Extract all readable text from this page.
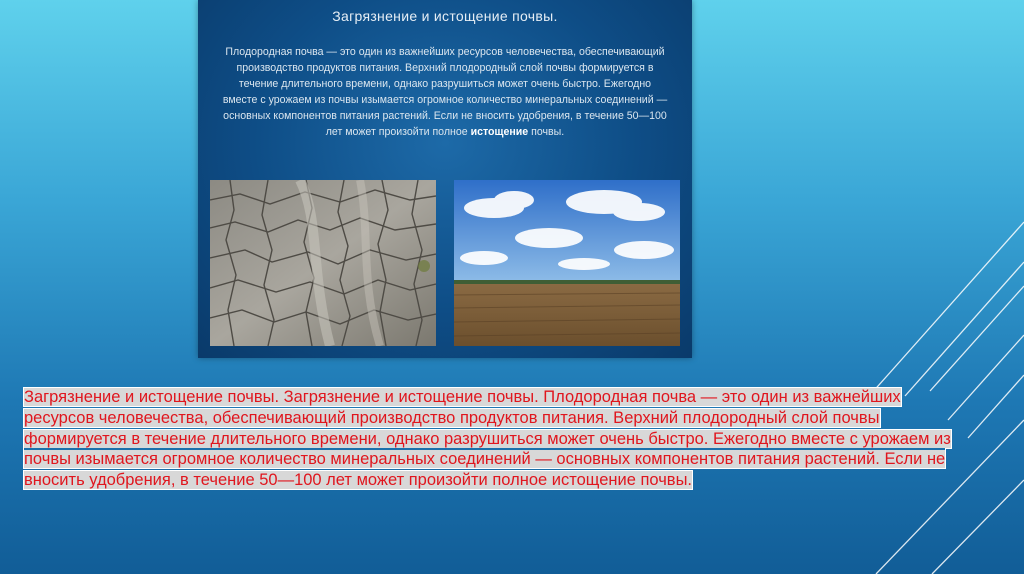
Загрязнение и истощение почвы.
Плодородная почва — это один из важнейших ресурсов человечества, обеспечивающий производство продуктов питания. Верхний плодородный слой почвы формируется в течение длительного времени, однако разрушиться может очень быстро. Ежегодно вместе с урожаем из почвы изымается огромное количество минеральных соединений — основных компонентов питания растений. Если не вносить удобрения, в течение 50—100 лет может произойти полное истощение почвы.
Загрязнение и истощение почвы. Загрязнение и истощение почвы. Плодородная почва — это один из важнейших ресурсов человечества, обеспечивающий производство продуктов питания. Верхний плодородный слой почвы формируется в течение длительного времени, однако разрушиться может очень быстро. Ежегодно вместе с урожаем из почвы изымается огромное количество минеральных соединений — основных компонентов питания растений. Если не вносить удобрения, в течение 50—100 лет может произойти полное истощение почвы.
